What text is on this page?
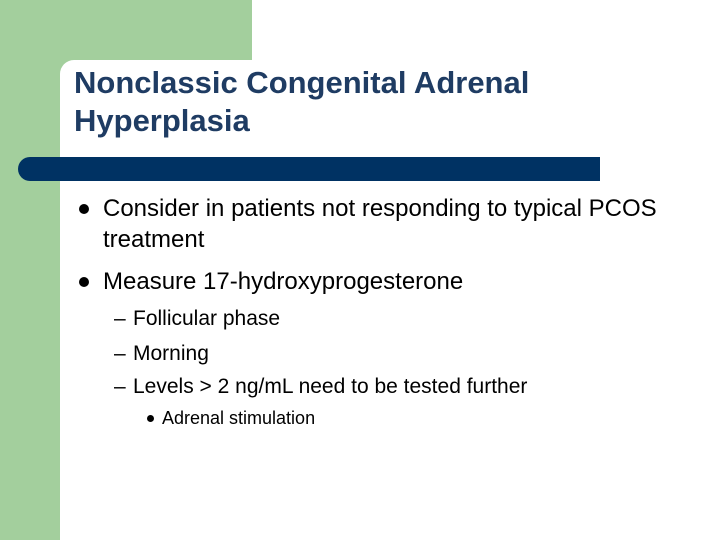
Nonclassic Congenital Adrenal Hyperplasia
Consider in patients not responding to typical PCOS treatment
Measure 17-hydroxyprogesterone
– Follicular phase
– Morning
– Levels > 2 ng/mL need to be tested further
Adrenal stimulation
